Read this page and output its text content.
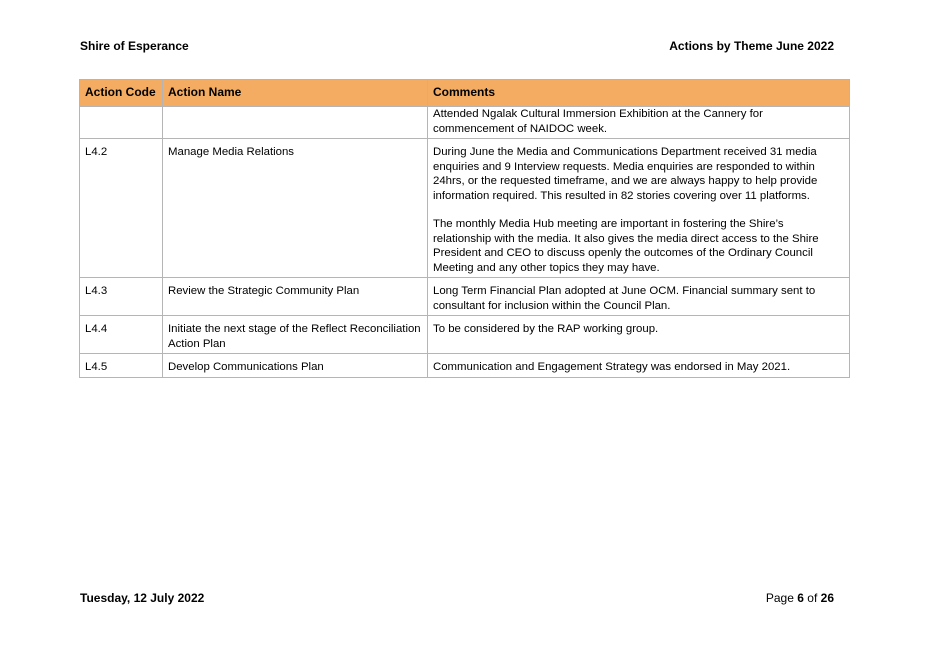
Shire of Esperance	Actions by Theme June 2022
Action Code	Action Name	Comments

		Attended Ngalak Cultural Immersion Exhibition at the Cannery for commencement of NAIDOC week.

L4.2	Manage Media Relations	During June the Media and Communications Department received 31 media enquiries and 9 Interview requests. Media enquiries are responded to within 24hrs, or the requested timeframe, and we are always happy to help provide information required. This resulted in 82 stories covering over 11 platforms.
The monthly Media Hub meeting are important in fostering the Shire’s relationship with the media. It also gives the media direct access to the Shire President and CEO to discuss openly the outcomes of the Ordinary Council Meeting and any other topics they may have.

L4.3	Review the Strategic Community Plan	Long Term Financial Plan adopted at June OCM. Financial summary sent to consultant for inclusion within the Council Plan.

L4.4	Initiate the next stage of the Reflect Reconciliation Action Plan	To be considered by the RAP working group.

L4.5	Develop Communications Plan	Communication and Engagement Strategy was endorsed in May 2021.
Tuesday, 12 July 2022	Page 6 of 26
